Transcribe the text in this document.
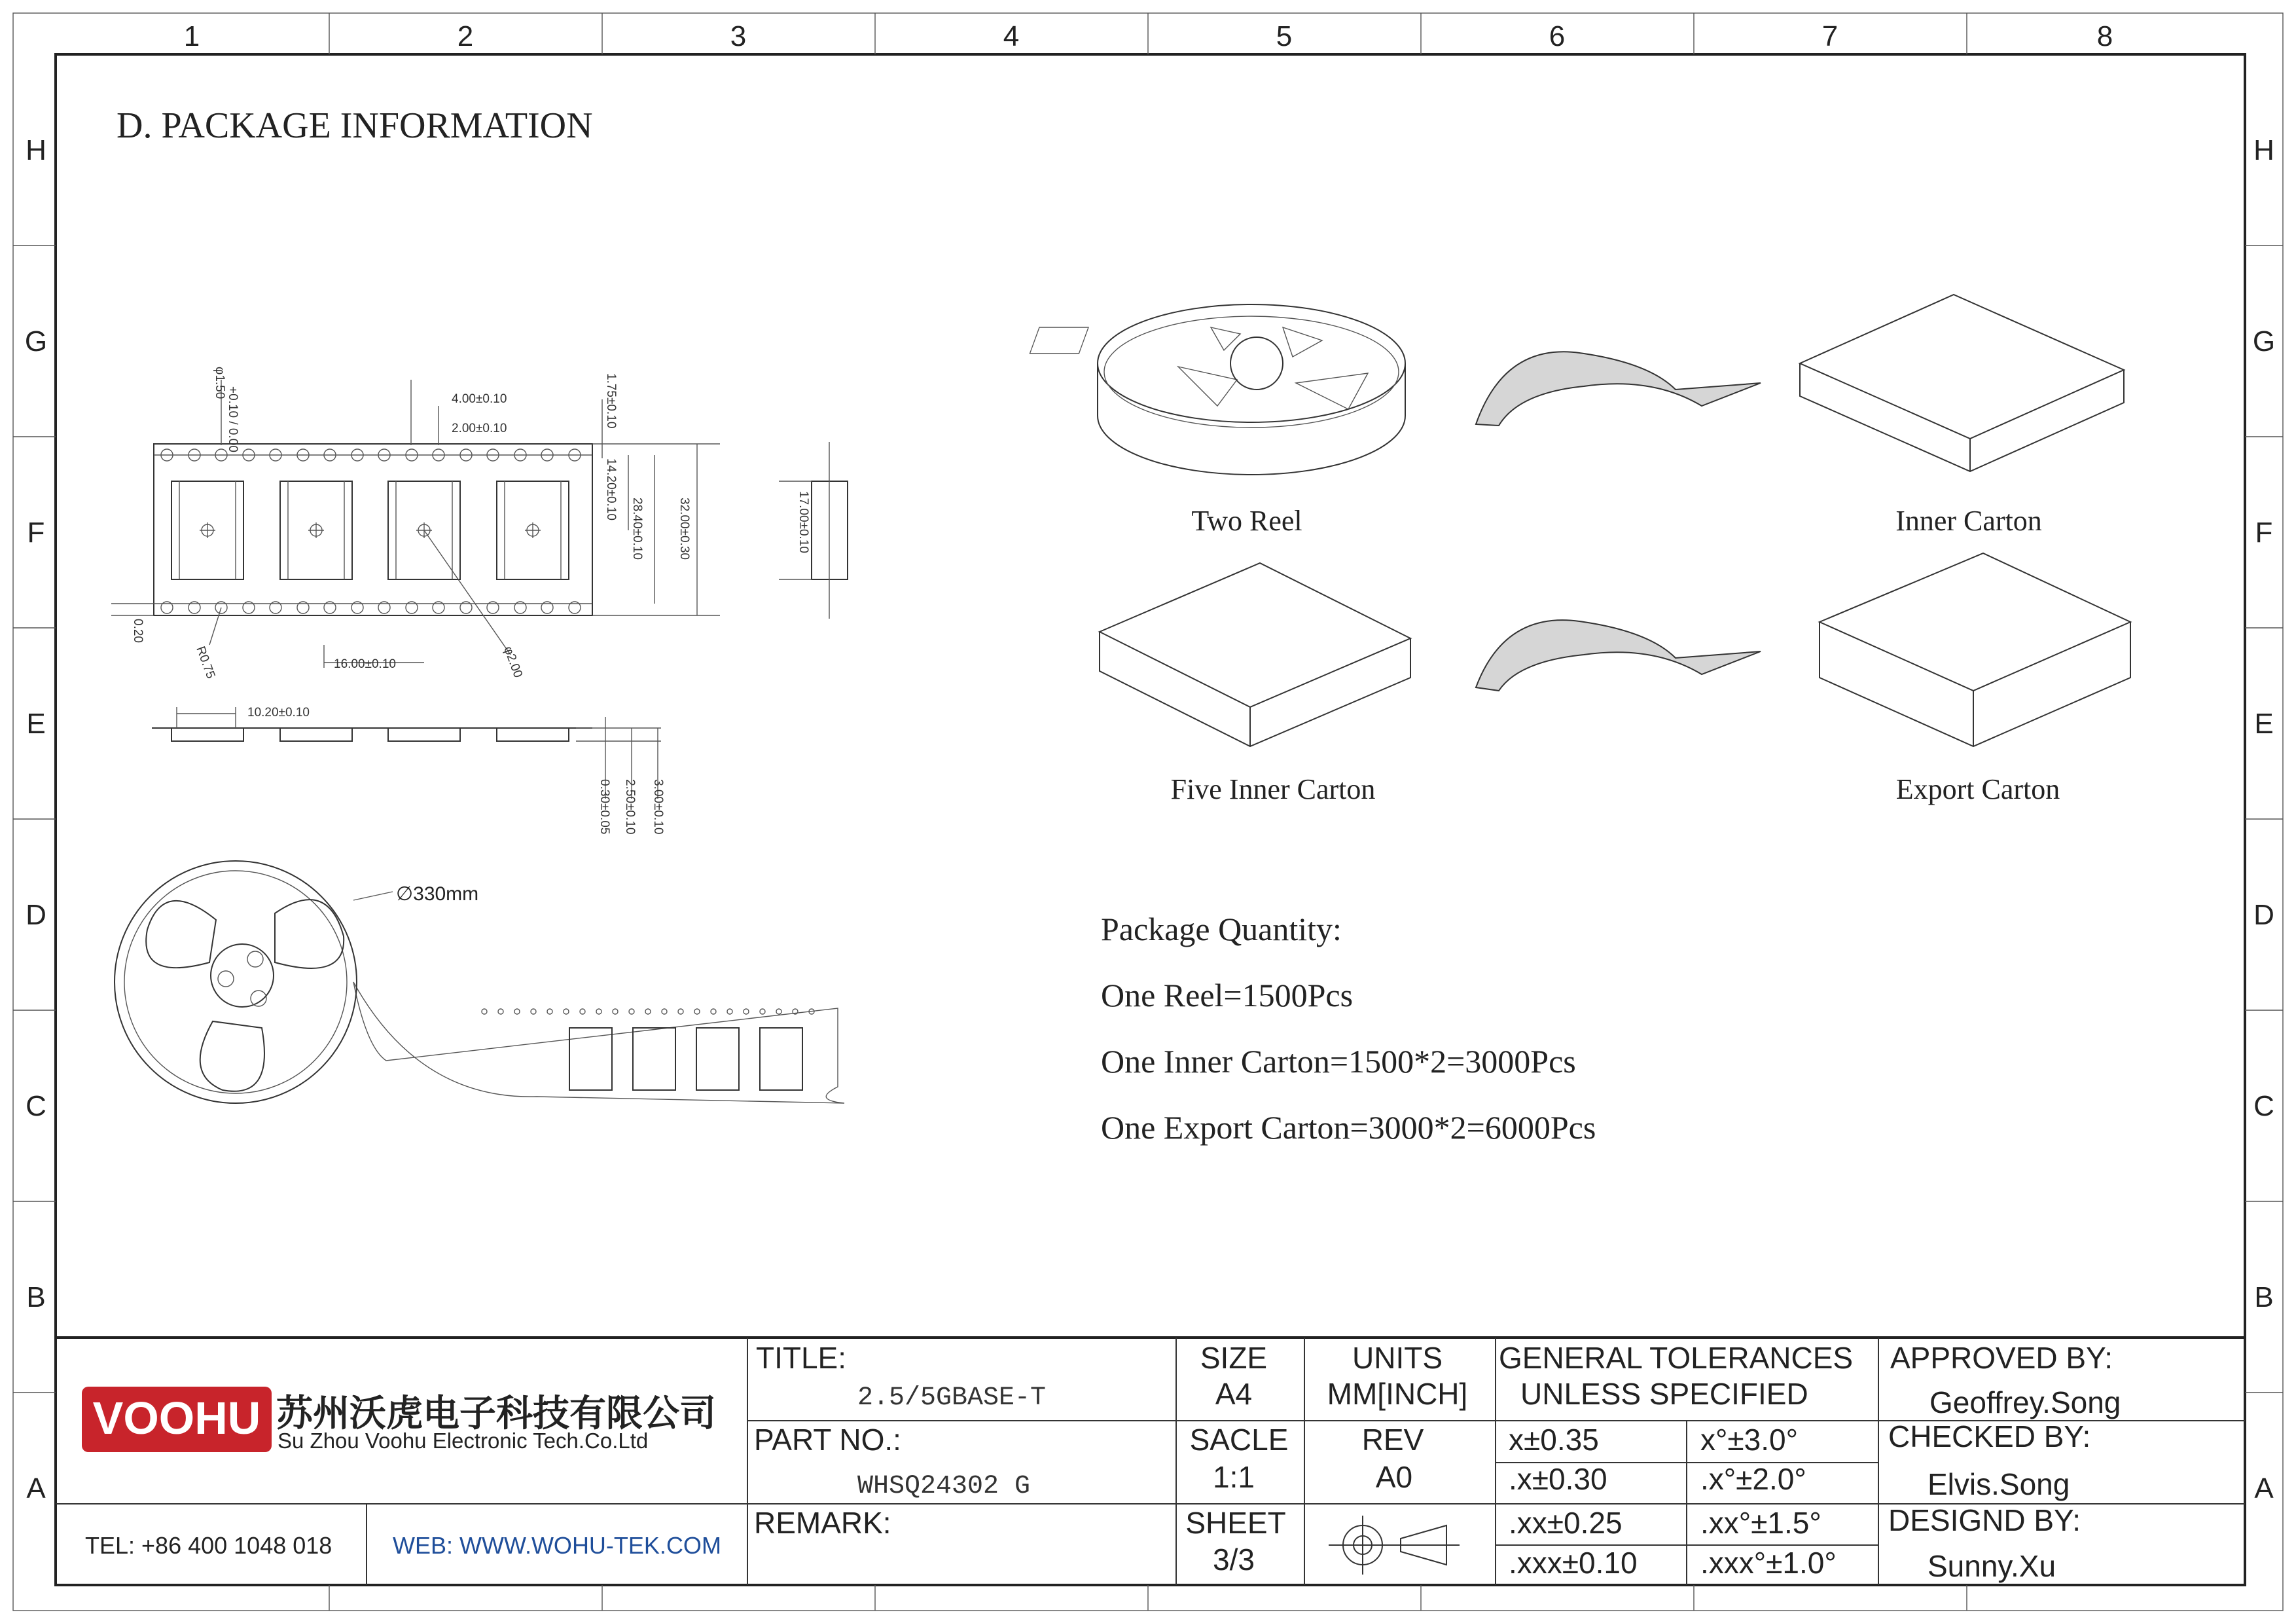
1	2	3	4	5	6	7	8
H
G
F
E
D
C
B
A
H
G
F
E
D
C
B
A
D. PACKAGE INFORMATION
φ1.50
+0.10 / 0.00	4.00±0.10
2.00±0.10
1.75±0.10
14.20±0.10
28.40±0.10	32.00±0.30
16.00±0.10
R0.75	φ2.00
0.20
17.00±0.10
10.20±0.10
0.30±0.05 2.50±0.10 3.00±0.10
∅330mm
Two Reel	Inner Carton
Five Inner Carton	Export Carton
Package Quantity:
One Reel=1500Pcs
One Inner Carton=1500*2=3000Pcs
One Export Carton=3000*2=6000Pcs
VOOHU 苏州沃虎电子科技有限公司
Su Zhou Voohu Electronic Tech.Co.Ltd
TEL: +86 400 1048 018	WEB: WWW.WOHU-TEK.COM
TITLE:
2.5/5GBASE-T
PART NO.:
WHSQ24302 G
REMARK:
SIZE
A4
SACLE
1:1
SHEET
3/3
UNITS
MM[INCH]
REV
A0
GENERAL TOLERANCES
UNLESS SPECIFIED
x±0.35	x°±3.0°
.x±0.30	.x°±2.0°
.xx±0.25	.xx°±1.5°
.xxx±0.10 .xxx°±1.0°
APPROVED BY:
Geoffrey.Song
CHECKED BY:
Elvis.Song
DESIGND BY:
Sunny.Xu
